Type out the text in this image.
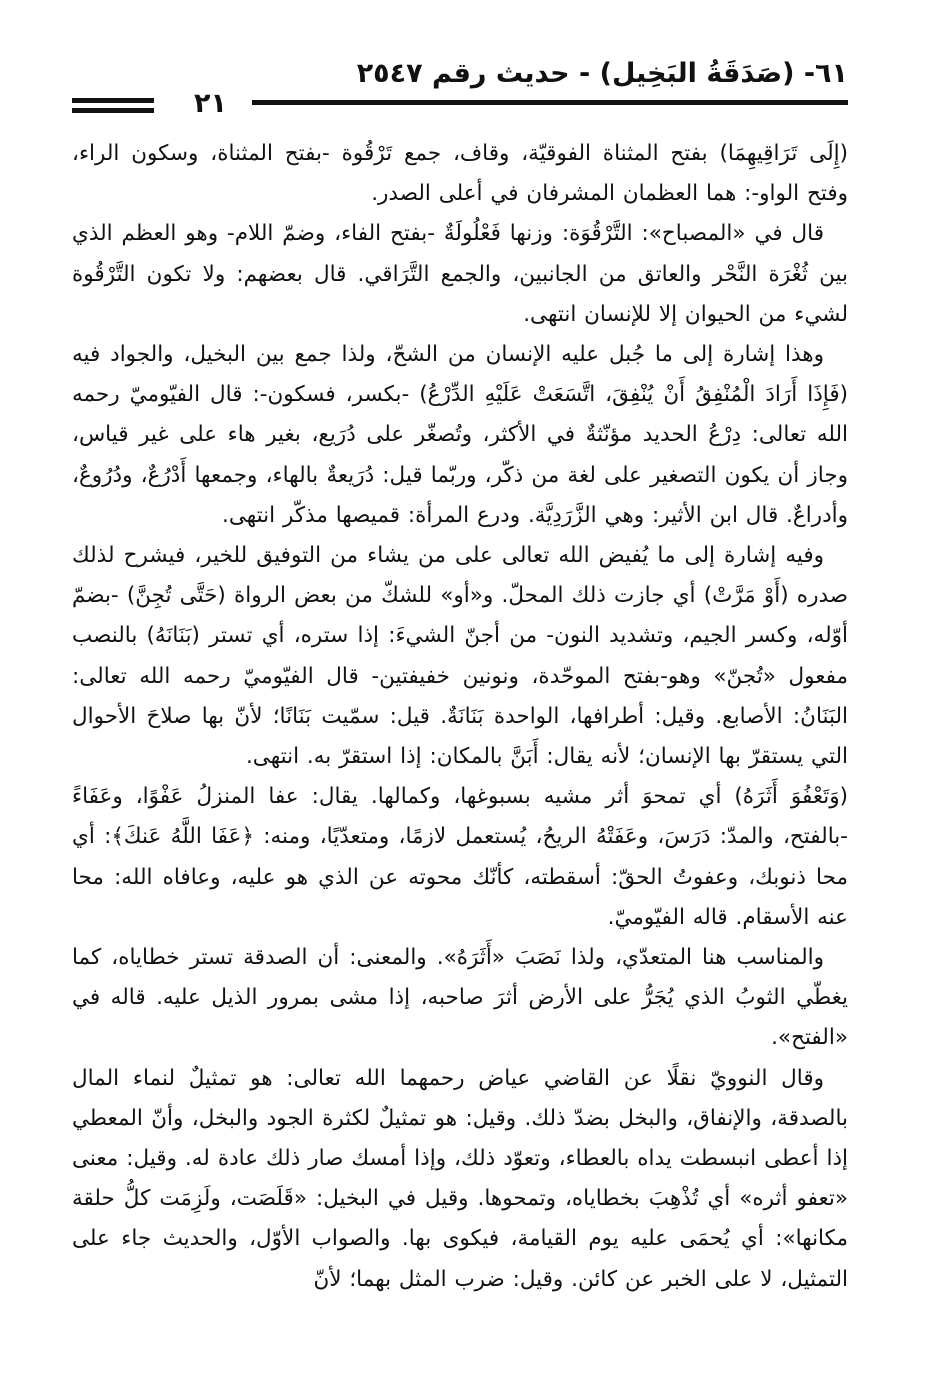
٦١- (صَدَقَةُ البَخِيل) - حديث رقم ٢٥٤٧
٢١

(إِلَى تَرَاقِيهِمَا) بفتح المثناة الفوقيّة، وقاف، جمع تَرْقُوة -بفتح المثناة، وسكون الراء، وفتح الواو-: هما العظمان المشرفان في أعلى الصدر.

قال في «المصباح»: التَّرْقُوَة: وزنها فَعْلُولَةٌ -بفتح الفاء، وضمّ اللام- وهو العظم الذي بين ثُغْرَة النَّحْر والعاتق من الجانبين، والجمع التَّرَاقي. قال بعضهم: ولا تكون التَّرْقُوة لشيء من الحيوان إلا للإنسان انتهى.

وهذا إشارة إلى ما جُبل عليه الإنسان من الشحّ، ولذا جمع بين البخيل، والجواد فيه (فَإِذَا أَرَادَ الْمُنْفِقُ أَنْ يُنْفِقَ، اتَّسَعَتْ عَلَيْهِ الدِّرْعُ) -بكسر، فسكون-: قال الفيّوميّ رحمه الله تعالى: دِرْعُ الحديد مؤنّثةٌ في الأكثر، وتُصغّر على دُرَيع، بغير هاء على غير قياس، وجاز أن يكون التصغير على لغة من ذكّر، وربّما قيل: دُرَيعةٌ بالهاء، وجمعها أَدْرُعٌ، ودُرُوعٌ، وأدراعٌ. قال ابن الأثير: وهي الزَّرَدِيَّة. ودرع المرأة: قميصها مذكّر انتهى.

وفيه إشارة إلى ما يُفيض الله تعالى على من يشاء من التوفيق للخير، فيشرح لذلك صدره (أَوْ مَرَّتْ) أي جازت ذلك المحلّ. و«أو» للشكّ من بعض الرواة (حَتَّى تُجِنَّ) -بضمّ أوّله، وكسر الجيم، وتشديد النون- من أجنّ الشيءَ: إذا ستره، أي تستر (بَنَانَهُ) بالنصب مفعول «تُجنّ» وهو-بفتح الموحّدة، ونونين خفيفتين- قال الفيّوميّ رحمه الله تعالى: البَنَانُ: الأصابع. وقيل: أطرافها، الواحدة بَنَانَةٌ. قيل: سمّيت بَنَانًا؛ لأنّ بها صلاحَ الأحوال التي يستقرّ بها الإنسان؛ لأنه يقال: أَبَنَّ بالمكان: إذا استقرّ به. انتهى.

(وَتَعْفُوَ أَثَرَهُ) أي تمحوَ أثر مشيه بسبوغها، وكمالها. يقال: عفا المنزلُ عَفْوًا، وعَفَاءً -بالفتح، والمدّ: دَرَسَ، وعَفَتْهُ الريحُ، يُستعمل لازمًا، ومتعدّيًا، ومنه: ﴿عَفَا اللَّهُ عَنكَ﴾: أي محا ذنوبك، وعفوتُ الحقّ: أسقطته، كأنّك محوته عن الذي هو عليه، وعافاه الله: محا عنه الأسقام. قاله الفيّوميّ.

والمناسب هنا المتعدّي، ولذا نَصَبَ «أَثَرَهُ». والمعنى: أن الصدقة تستر خطاياه، كما يغطّي الثوبُ الذي يُجَرُّ على الأرض أثرَ صاحبه، إذا مشى بمرور الذيل عليه. قاله في «الفتح».

وقال النوويّ نقلًا عن القاضي عياض رحمهما الله تعالى: هو تمثيلٌ لنماء المال بالصدقة، والإنفاق، والبخل بضدّ ذلك. وقيل: هو تمثيلٌ لكثرة الجود والبخل، وأنّ المعطي إذا أعطى انبسطت يداه بالعطاء، وتعوّد ذلك، وإذا أمسك صار ذلك عادة له. وقيل: معنى «تعفو أثره» أي تُذْهِبَ بخطاياه، وتمحوها. وقيل في البخيل: «قَلَصَت، ولَزِمَت كلُّ حلقة مكانها»: أي يُحمَى عليه يوم القيامة، فيكوى بها. والصواب الأوّل، والحديث جاء على التمثيل، لا على الخبر عن كائن. وقيل: ضرب المثل بهما؛ لأنّ
